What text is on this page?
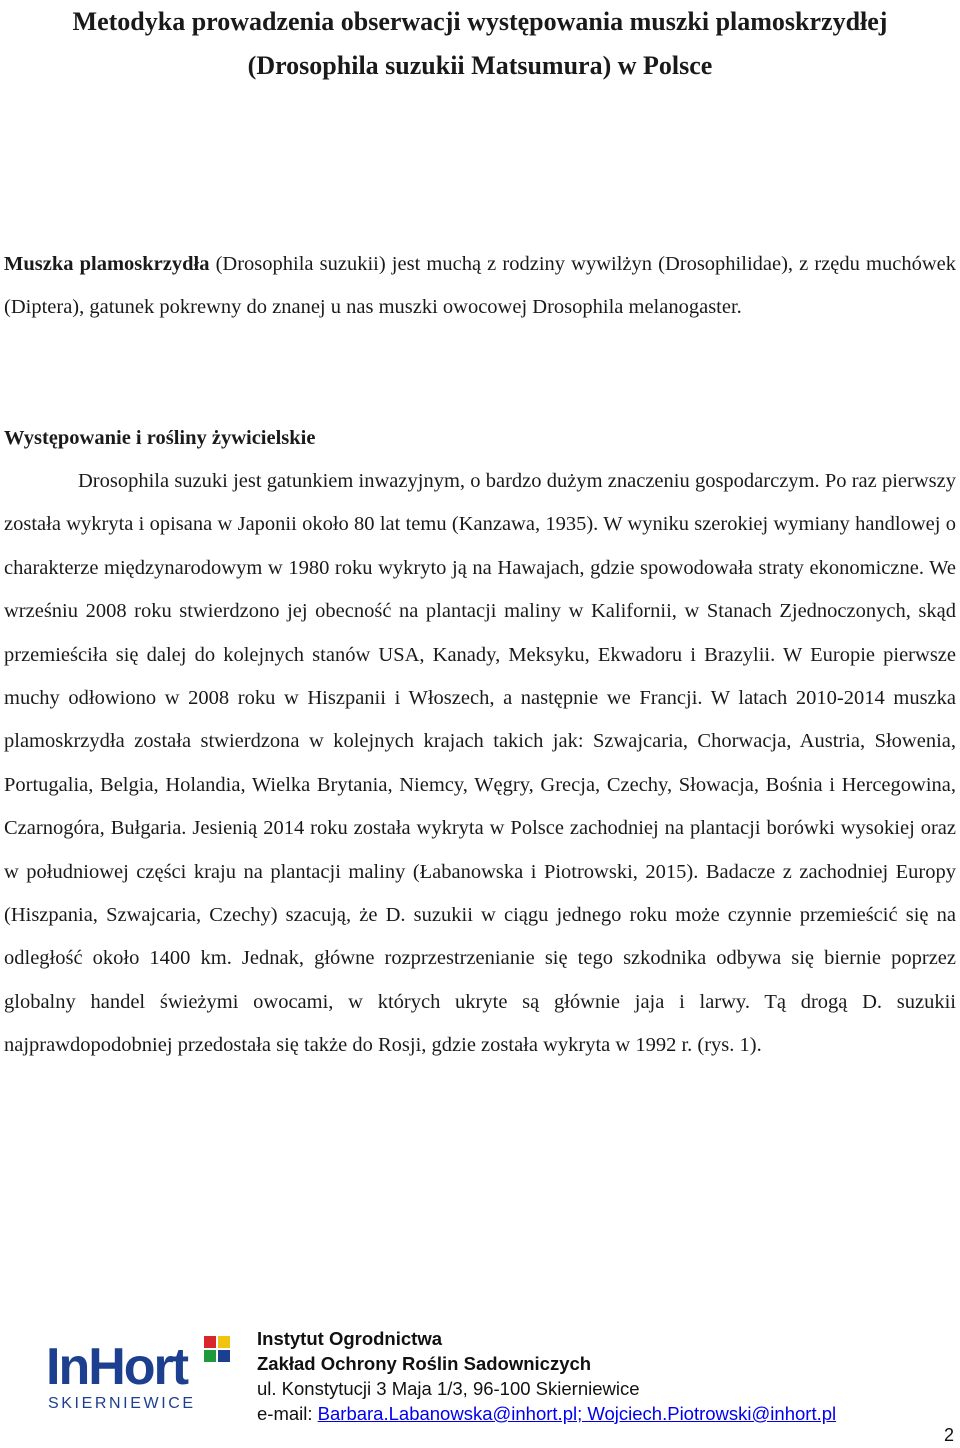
Metodyka prowadzenia obserwacji występowania muszki plamoskrzydłej
(Drosophila suzukii Matsumura) w Polsce

Muszka plamoskrzydła (Drosophila suzukii) jest muchą z rodziny wywilżyn (Drosophilidae), z rzędu muchówek (Diptera), gatunek pokrewny do znanej u nas muszki owocowej Drosophila melanogaster.

Występowanie i rośliny żywicielskie

Drosophila suzuki jest gatunkiem inwazyjnym, o bardzo dużym znaczeniu gospodarczym. Po raz pierwszy została wykryta i opisana w Japonii około 80 lat temu (Kanzawa, 1935). W wyniku szerokiej wymiany handlowej o charakterze międzynarodowym w 1980 roku wykryto ją na Hawajach, gdzie spowodowała straty ekonomiczne. We wrześniu 2008 roku stwierdzono jej obecność na plantacji maliny w Kalifornii, w Stanach Zjednoczonych, skąd przemieściła się dalej do kolejnych stanów USA, Kanady, Meksyku, Ekwadoru i Brazylii. W Europie pierwsze muchy odłowiono w 2008 roku w Hiszpanii i Włoszech, a następnie we Francji. W latach 2010-2014 muszka plamoskrzydła została stwierdzona w kolejnych krajach takich jak: Szwajcaria, Chorwacja, Austria, Słowenia, Portugalia, Belgia, Holandia, Wielka Brytania, Niemcy, Węgry, Grecja, Czechy, Słowacja, Bośnia i Hercegowina, Czarnogóra, Bułgaria. Jesienią 2014 roku została wykryta w Polsce zachodniej na plantacji borówki wysokiej oraz w południowej części kraju na plantacji maliny (Łabanowska i Piotrowski, 2015). Badacze z zachodniej Europy (Hiszpania, Szwajcaria, Czechy) szacują, że D. suzukii w ciągu jednego roku może czynnie przemieścić się na odległość około 1400 km. Jednak, główne rozprzestrzenianie się tego szkodnika odbywa się biernie poprzez globalny handel świeżymi owocami, w których ukryte są głównie jaja i larwy. Tą drogą D. suzukii najprawdopodobniej przedostała się także do Rosji, gdzie została wykryta w 1992 r. (rys. 1).

InHort
SKIERNIEWICE
Instytut Ogrodnictwa
Zakład Ochrony Roślin Sadowniczych
ul. Konstytucji 3 Maja 1/3, 96-100 Skierniewice
e-mail: Barbara.Labanowska@inhort.pl; Wojciech.Piotrowski@inhort.pl
2
